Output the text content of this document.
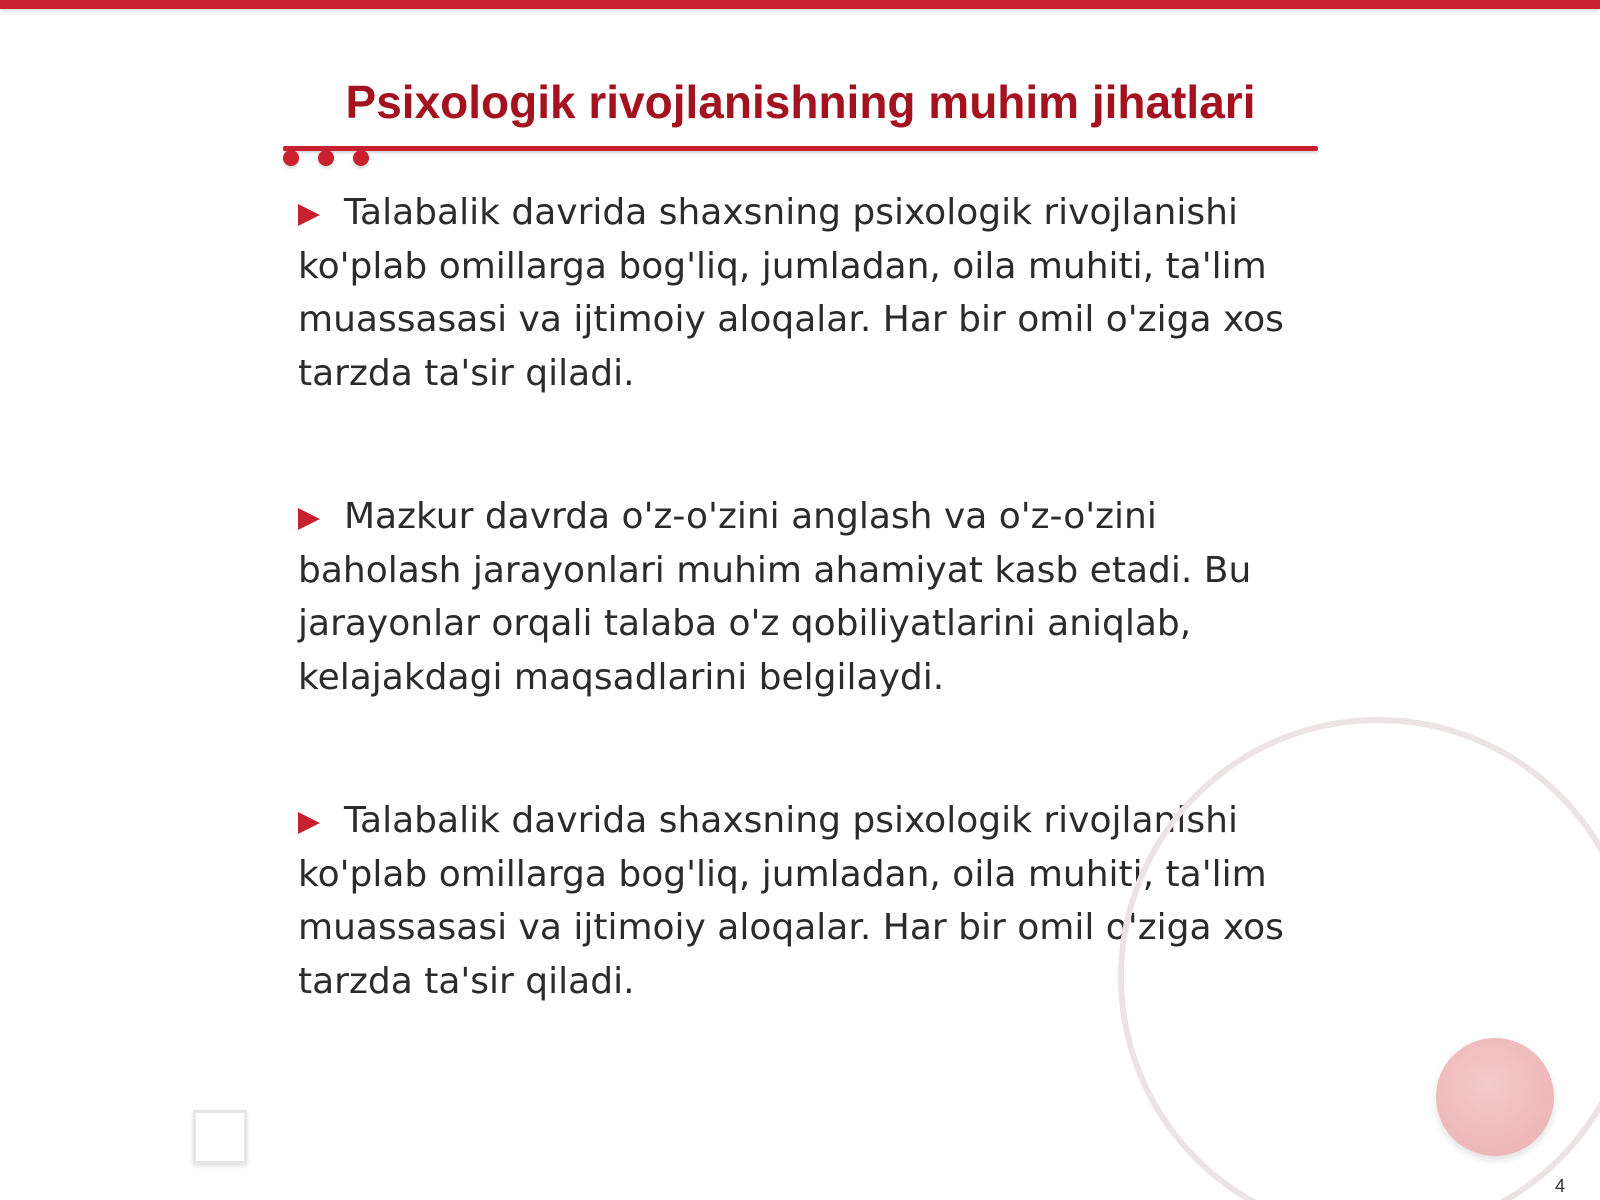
Psixologik rivojlanishning muhim jihatlari

Talabalik davrida shaxsning psixologik rivojlanishi ko'plab omillarga bog'liq, jumladan, oila muhiti, ta'lim muassasasi va ijtimoiy aloqalar. Har bir omil o'ziga xos tarzda ta'sir qiladi.

Mazkur davrda o'z-o'zini anglash va o'z-o'zini baholash jarayonlari muhim ahamiyat kasb etadi. Bu jarayonlar orqali talaba o'z qobiliyatlarini aniqlab, kelajakdagi maqsadlarini belgilaydi.

Talabalik davrida shaxsning psixologik rivojlanishi ko'plab omillarga bog'liq, jumladan, oila muhiti, ta'lim muassasasi va ijtimoiy aloqalar. Har bir omil o'ziga xos tarzda ta'sir qiladi.

4
